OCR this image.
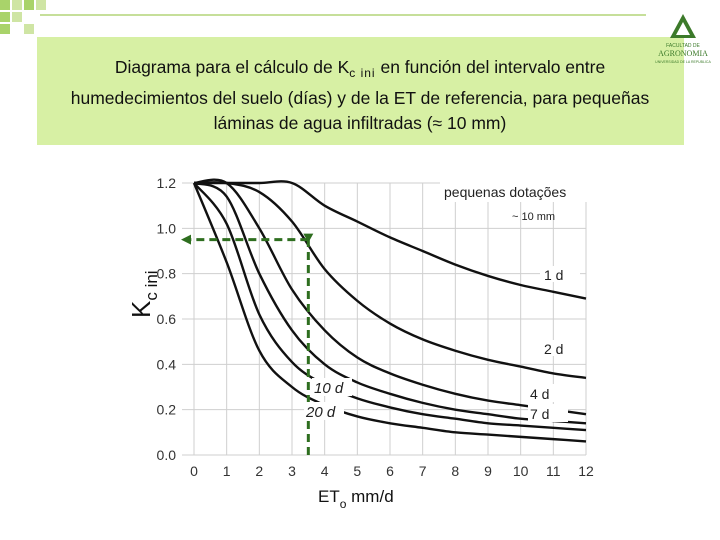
Diagrama para el cálculo de $K_{c ini}$ en función del intervalo entre humedecimientos del suelo (días) y de la ET de referencia, para pequeñas láminas de agua infiltradas (≈ 10 mm)
FACULTAD DE
AGRONOMIA
UNIVERSIDAD DE LA REPUBLICA
0.0
0.2
0.4
0.6
0.8
1.0
1.2
0 1 2 3 4 5 6 7 8 9 10 11 12
$K_{c ini}$
$ET_o$ mm/d
pequenas dotações
~ 10 mm
1 d
2 d
4 d
7 d
10 d
20 d
